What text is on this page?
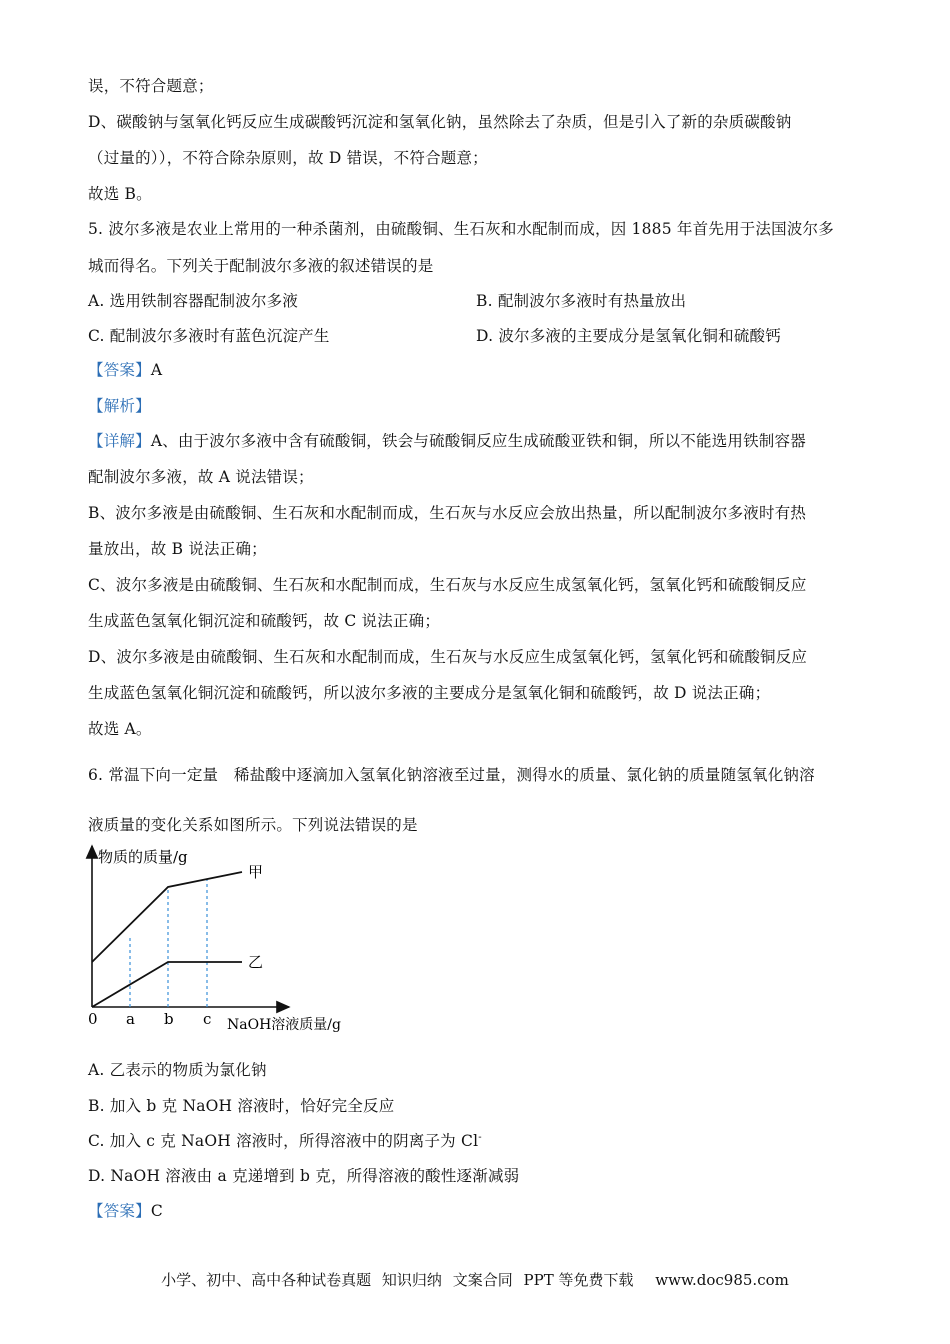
误，不符合题意；
D、碳酸钠与氢氧化钙反应生成碳酸钙沉淀和氢氧化钠，虽然除去了杂质，但是引入了新的杂质碳酸钠
（过量的）），不符合除杂原则，故 D 错误，不符合题意；
故选 B。
5. 波尔多液是农业上常用的一种杀菌剂，由硫酸铜、生石灰和水配制而成，因 1885 年首先用于法国波尔多
城而得名。下列关于配制波尔多液的叙述错误的是
A. 选用铁制容器配制波尔多液	B. 配制波尔多液时有热量放出
C. 配制波尔多液时有蓝色沉淀产生	D. 波尔多液的主要成分是氢氧化铜和硫酸钙
【答案】A
【解析】
【详解】A、由于波尔多液中含有硫酸铜，铁会与硫酸铜反应生成硫酸亚铁和铜，所以不能选用铁制容器
配制波尔多液，故 A 说法错误；
B、波尔多液是由硫酸铜、生石灰和水配制而成，生石灰与水反应会放出热量，所以配制波尔多液时有热
量放出，故 B 说法正确；
C、波尔多液是由硫酸铜、生石灰和水配制而成，生石灰与水反应生成氢氧化钙，氢氧化钙和硫酸铜反应
生成蓝色氢氧化铜沉淀和硫酸钙，故 C 说法正确；
D、波尔多液是由硫酸铜、生石灰和水配制而成，生石灰与水反应生成氢氧化钙，氢氧化钙和硫酸铜反应
生成蓝色氢氧化铜沉淀和硫酸钙，所以波尔多液的主要成分是氢氧化铜和硫酸钙，故 D 说法正确；
故选 A。
6. 常温下向一定量　稀盐酸中逐滴加入氢氧化钠溶液至过量，测得水的质量、氯化钠的质量随氢氧化钠溶
液质量的变化关系如图所示。下列说法错误的是
物质的质量/g
NaOH溶液质量/g
0 a b c
甲
乙
A. 乙表示的物质为氯化钠
B. 加入 b 克 NaOH 溶液时，恰好完全反应
C. 加入 c 克 NaOH 溶液时，所得溶液中的阴离子为 Cl-
D. NaOH 溶液由 a 克递增到 b 克，所得溶液的酸性逐渐减弱
【答案】C
小学、初中、高中各种试卷真题 知识归纳 文案合同 PPT 等免费下载 www.doc985.com
